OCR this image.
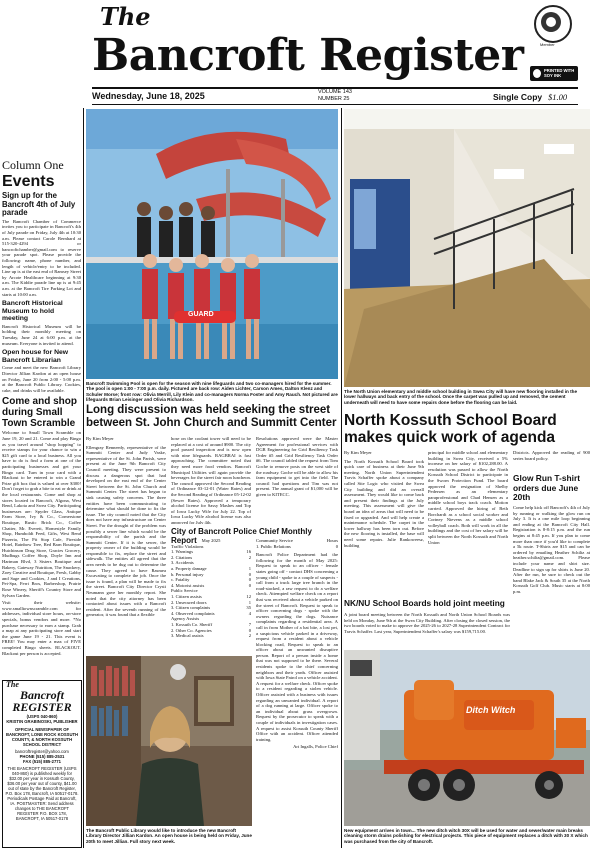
The
Bancroft Register	Member
PRINTED WITH SOY INK
Wednesday, June 18, 2025	VOLUME 143
NUMBER 25	Single Copy $1.00
Column One
Events
Sign up for the Bancroft 4th of July parade
The Bancroft Chamber of Commerce invites you to participate in Bancroft's 4th of July parade on Friday, July 4th at 10:30 a.m. Please contact Carole Bernhard at 515-320-4294 or bancroftchamber@gmail.com to reserve your parade spot. Please provide the following: name, phone number, and length of vehicle/entry to be included. Line up is at the east end of Ramsey Street by Arcote Healthcare beginning at 9:30 a.m. The Kiddie parade line up is at 9:45 a.m. at the Bancroft Tire Parking Lot and starts at 10:00 a.m.
Bancroft Historical Museum to hold meeting
Bancroft Historical Museum will be holding their monthly meeting on Tuesday, June 24 at 6:00 p.m. at the museum. Everyone is invited to attend.
Open house for New Bancroft Librarian
Come and meet the new Bancroft Library Director Jillian Kardon at an open house on Friday, June 20 from 2:00 - 5:00 p.m. at the Bancroft Public Library. Cookies, cake, and drinks will be available.
Come and shop during Small Town Scramble
Welcome to Small Town Scramble on June 19, 20 and 21. Come and play Bingo as you travel around "shop hopping" to receive stamps for your chance to win a $25 gift card to a local business. All you have to do is find a form at one of the participating businesses and get your Bingo card. Turn in your card with a Blackout to be entered to win a Grand Prize gift box that is valued at over $300! Don't forget to grab a bite to eat or drink at the local restaurants. Come and shop at stores located in Bancroft, Algona, West Bend, Lakota and Swea City. Participating businesses are: Spyder Glass, Antique Farm Store, Ivy & Co., Cornerstone Boutique, Rustic Brick Co., Coffee Chatter, Mr. Everett, Homestyle Family Shop, Humboldt Feed, Gifts, West Bend Pizzeria, The Pit Stop Cafe, Fireside Hotel, Rainbow Tree, Red Barn Boutique, Hutchinson Drug Store, Gracies Grocery, Mudbugs Coffee Shop, Doyle Inn and Hartman Blvd, 3 Sisters Boutique and Bakery, Gateway Nutrition, The Snackery, Zoey Creative and Boutique, Fresh, Gabby and Sage and Cookies, J and I Creations, Pet-Spa, Ferri Bros, Barbershop, Prairie Rose Winery, Sheriff's Country Store and Sylvan Garden.
Visit their website: www.smalltownscramble.com for addresses, individual store hours, on-store specials, bonus vendors and more. *No purchase necessary to earn a stamp. Grab a map at any participating store and start the game June 19 - 21. This event is FREE! You may enter a max of FIVE completed Bingo sheets. BLACKOUT. Blackout per person is accepted.
The
Bancroft
REGISTER
(USPS 040-860)
KRISTIN GRABINOSKI, PUBLISHER
OFFICIAL NEWSPAPER OF BANCROFT, LONE ROCK KOSSUTH COUNTY, & NORTH KOSSUTH SCHOOL DISTRICT
bancroftregister@yahoo.com
PHONE (515) 885-2531
FAX (515) 885-2771
THE BANCROFT REGISTER (USPS 040-860) is published weekly for $32.00 per year in Kossuth County, $36.00 per year out of county, $41.00 out of state by the Bancroft Register, P.O. Box 178, Bancroft, IA 50517-0178. Periodicals Postage Paid at Bancroft, IA. POSTMASTER: Send address changes to THE BANCROFT REGISTER P.O. BOX 178, BANCROFT, IA 50517-0178
GUARD
Bancroft Swimming Pool is open for the season with nine lifeguards and two co-managers hired for the summer. The pool is open 1:00 - 7:00 p.m. daily. Pictured are back row: Aiden Lichter, Carson Ames, Dalton Klenz and Schuler Morse; front row: Olivia Merrill, Lily Klein and co-managers Norma Foster and Amy Rauch. Not pictured are lifeguards Brian Leisinger and Olivia Richardson.
Long discussion was held seeking the street between St. John Church and Summitt Center
By Kim Meyer
Ellengray Renneedy, representative of the Summitt Center and Judy Vaske, representative of the St. John Parish, were present at the June 9th Bancroft City Council meeting. They were present to discuss a dangerous spot that had developed on the east end of the Center Street between the St. John Church and Summitt Center. The street has begun to sink causing safety concerns. The three entities have been communicating to determine what should be done to fix the issue. The city council noted that the City does not have any infrastructure on Center Street. For the drought of the problem was possibly a sewer line which would be the responsibility of the parish and the Summitt Center. If it is the sewer, the property owner of the building would be responsible to fix, replace the street and sidewalk. The entities all agreed that the area needs to be dug out to determine the cause. They agreed to have Rasmea Excavating to complete the job. Once the issue is found, a plan will be made to fix the street. Bancroft City Director Crysti Neumann gave her monthly report. She noted that the city attorney has been contacted about issues with a Bancroft resident. After the seventh running of the generator, it was found that a flexible
hose on the coolant tower will need to be replaced at a cost of around $900. The city pool passed inspection and is now open with nine lifeguards. RAGBRAI is fast approaching. The committee noted that they need more food vendors. Bancroft Municipal Utilities will again provide the beverages for the street fair noon luncheon. The council approved the Second Reading of Ordinance 03-12-01 (Water Rates) and the Second Reading of Ordinance 05-12-02 (Sewer Rates). Approved a temporary alcohol license for Sassy Mashes and Top of Iowa Lucky Wife for July 22. Top of Iowa Lucky Wife alcohol license was also approved for July 4th.
Resolutions approved were the Master Agreement for professional services with DGR Engineering for Grid Resiliency Task Order #5 and Grid Resiliency Task Order #6. The council tabled the request from Tom Goche to remove posts on the west side of the roadway. Goche will be able to allow his farm equipment to get into the field. The council had questions and Tim was not present. The annual grant of $1,000 will be given to KITECC.
City of Bancroft Police Chief Monthly Report	May 2025
Traffic Violations
1. Warnings	16
2. Citations	2
3. Accidents
a. Property damage	1
b. Personal injury	0
c. Fatality	0
4. Motorist assists	0
Public Service
1. Citizen assists	12
2. Unsecured doors	1
3. Citizen complaints	35
4. Observed complaints	4
Agency Assists
1. Kossuth Co. Sheriff	7
2. Other Co. Agencies	0
3. Medical assists	2
Community Service	Hours
1. Public Relations	0
Bancroft Police Department had the following for the month of May 2025: Request to speak to an officer - female states going off - contact DHS concerning a young child - spoke to a couple of suspects - call from a truck large tree branch in the road-stacked, a raw request to do a welfare check. Attempted welfare check on a report that was received about a vehicle parked on the street of Bancroft. Request to speak to officer concerning dogs - spoke with the owners regarding the dogs. Nuisance complaints regarding a residential area. A call in from Mother of a bat bite, a lost pet, a suspicious vehicle parked in a driveway, request from a resident about a vehicle blocking road, Request to speak to an officer about an unwanted disruptive person. Report of a person inside a home that was not supposed to be there. Several residents spoke to the chief concerning neighbors and their yards. Officer assisted with Iowa State Patrol on a vehicle accident. A request for a welfare check. Officer spoke to a resident regarding a stolen vehicle. Officer assisted with a business with issues regarding an unwanted individual. A report of a dog running at large. Officer spoke to an individual about grass overgrown. Request by the prosecutor to speak with a couple of individuals in investigation cases. A request to assist Kossuth County Sheriff Office with an accident. Officer attended training.
Art Ingalls, Police Chief
The Bancroft Public Library would like to introduce the new Bancroft Library Director Jillian Kardon. An open house is being held on Friday, June 20th to meet Jillian. Full story next week.
The North Union elementary and middle school building in Swea City will have new flooring installed in the lower hallways and back entry of the school. Once the carpet was pulled up and removed, the cement underneath will need to have some repairs done before the flooring can be laid.
North Kossuth School Board makes quick work of agenda
By Kim Meyer
The North Kossuth School Board took quick care of business at their June 9th meeting. North Union Superintendent Travis Schaffer spoke about a company called Site Logic who visited the Swea City building and did an overall assessment. They would like to come back and present their findings at the July meeting. This assessment will give the board an idea of areas that will need to be fixed or upgraded. And will help create a maintenance schedule. The carpet in the lower hallway has been torn out. Before the new flooring is installed, the base will need some repairs. Julie Rankoweesz, building
principal for middle school and elementary building in Swea City, received a 5% increase on her salary of $102,288.00. A resolution was passed to allow the North Kossuth School District to participate in the Sworn Protection Fund. The board approved the resignation of Shelby Pedersen as an elementary paraprofessional and Chad Hensen as a middle school boys track coach. Motion carried. Approved the hiring of Beth Borchardt as a school social worker and Cortney Nievens as a middle school volleyball coach. Both will work in all the buildings and the cost of her salary will be split between the North Kossuth and North Union
NK/NU School Boards hold joint meeting
A joint board meeting between the North Kossuth and North Union School Boards was held on Monday, June 9th at the Swea City Building. After closing the closed session, the two boards voted to make to approve the 2025-26 to 2027-28 Superintendent Contract for Travis Schaffer. Last year, Superintendent Schaffer's salary was $159,715.00.
Districts. Approved the reading of 900 series board policy.
Glow Run T-shirt orders due June 20th
Come help kick off Bancroft's 4th of July by running or walking the glow run on July 3. It is a one mile loop beginning and ending at the Bancroft City Hall. Registration is 8-8:15 p.m. and the run begins at 8:45 p.m. If you plan to come more than once if you'd like to complete a 5k route. T-Shirts are $15 and can be ordered by emailing Heather Schiltz at heather.schiltz@gmail.com. Please include your name and shirt size. Deadline to sign up for shirts is June 20. After the run, be sure to check out the band Blake Jack & South 35 at the North Kossuth Golf Club. Music starts at 8:00 p.m.
Ditch Witch
New equipment arrives in town... The new ditch witch 30X will be used for water and sewer/water main breaks cleaning storm drains polishing for electrical projects. This piece of equipment replaces a ditch with 30 X which was purchased from the city of Bancroft.
